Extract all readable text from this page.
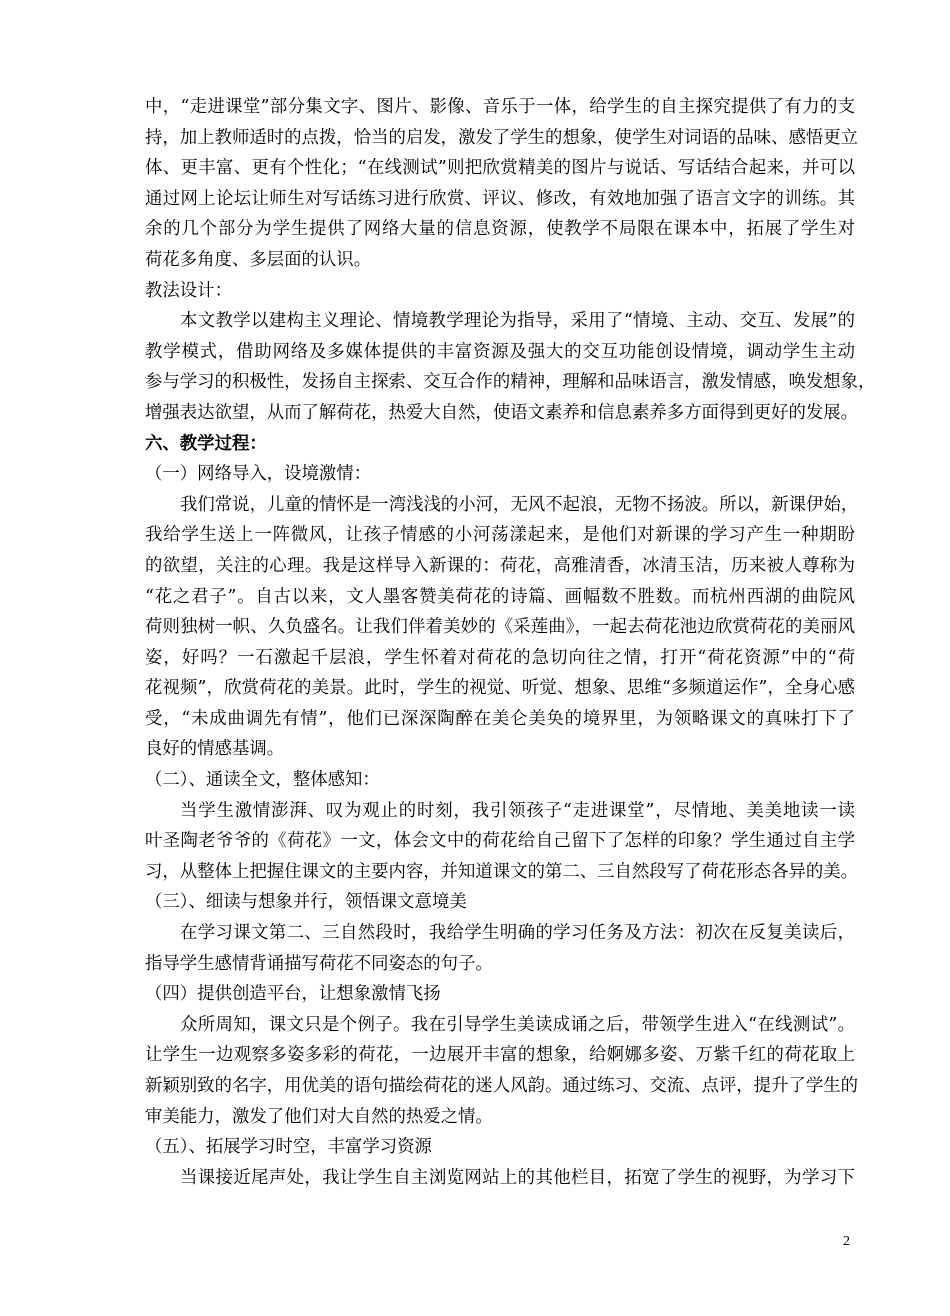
中，“走进课堂”部分集文字、图片、影像、音乐于一体，给学生的自主探究提供了有力的支
持，加上教师适时的点拨，恰当的启发，激发了学生的想象，使学生对词语的品味、感悟更立
体、更丰富、更有个性化；“在线测试”则把欣赏精美的图片与说话、写话结合起来，并可以
通过网上论坛让师生对写话练习进行欣赏、评议、修改，有效地加强了语言文字的训练。其
余的几个部分为学生提供了网络大量的信息资源，使教学不局限在课本中，拓展了学生对
荷花多角度、多层面的认识。
教法设计：
本文教学以建构主义理论、情境教学理论为指导，采用了“情境、主动、交互、发展”的
教学模式，借助网络及多媒体提供的丰富资源及强大的交互功能创设情境，调动学生主动
参与学习的积极性，发扬自主探索、交互合作的精神，理解和品味语言，激发情感，唤发想象，
增强表达欲望，从而了解荷花，热爱大自然，使语文素养和信息素养多方面得到更好的发展。
六、教学过程：
（一）网络导入，设境激情：
我们常说，儿童的情怀是一湾浅浅的小河，无风不起浪，无物不扬波。所以，新课伊始，
我给学生送上一阵微风，让孩子情感的小河荡漾起来，是他们对新课的学习产生一种期盼
的欲望，关注的心理。我是这样导入新课的：荷花，高雅清香，冰清玉洁，历来被人尊称为
“花之君子”。自古以来，文人墨客赞美荷花的诗篇、画幅数不胜数。而杭州西湖的曲院风
荷则独树一帜、久负盛名。让我们伴着美妙的《采莲曲》，一起去荷花池边欣赏荷花的美丽风
姿，好吗？一石激起千层浪，学生怀着对荷花的急切向往之情，打开“荷花资源”中的“荷
花视频”，欣赏荷花的美景。此时，学生的视觉、听觉、想象、思维“多频道运作”，全身心感
受，“未成曲调先有情”，他们已深深陶醉在美仑美奂的境界里，为领略课文的真味打下了
良好的情感基调。
（二）、通读全文，整体感知：
当学生激情澎湃、叹为观止的时刻，我引领孩子“走进课堂”，尽情地、美美地读一读
叶圣陶老爷爷的《荷花》一文，体会文中的荷花给自己留下了怎样的印象？学生通过自主学
习，从整体上把握住课文的主要内容，并知道课文的第二、三自然段写了荷花形态各异的美。
（三）、细读与想象并行，领悟课文意境美
在学习课文第二、三自然段时，我给学生明确的学习任务及方法：初次在反复美读后，
指导学生感情背诵描写荷花不同姿态的句子。
（四）提供创造平台，让想象激情飞扬
众所周知，课文只是个例子。我在引导学生美读成诵之后，带领学生进入“在线测试”。
让学生一边观察多姿多彩的荷花，一边展开丰富的想象，给婀娜多姿、万紫千红的荷花取上
新颖别致的名字，用优美的语句描绘荷花的迷人风韵。通过练习、交流、点评，提升了学生的
审美能力，激发了他们对大自然的热爱之情。
（五）、拓展学习时空，丰富学习资源
当课接近尾声处，我让学生自主浏览网站上的其他栏目，拓宽了学生的视野，为学习下
2
